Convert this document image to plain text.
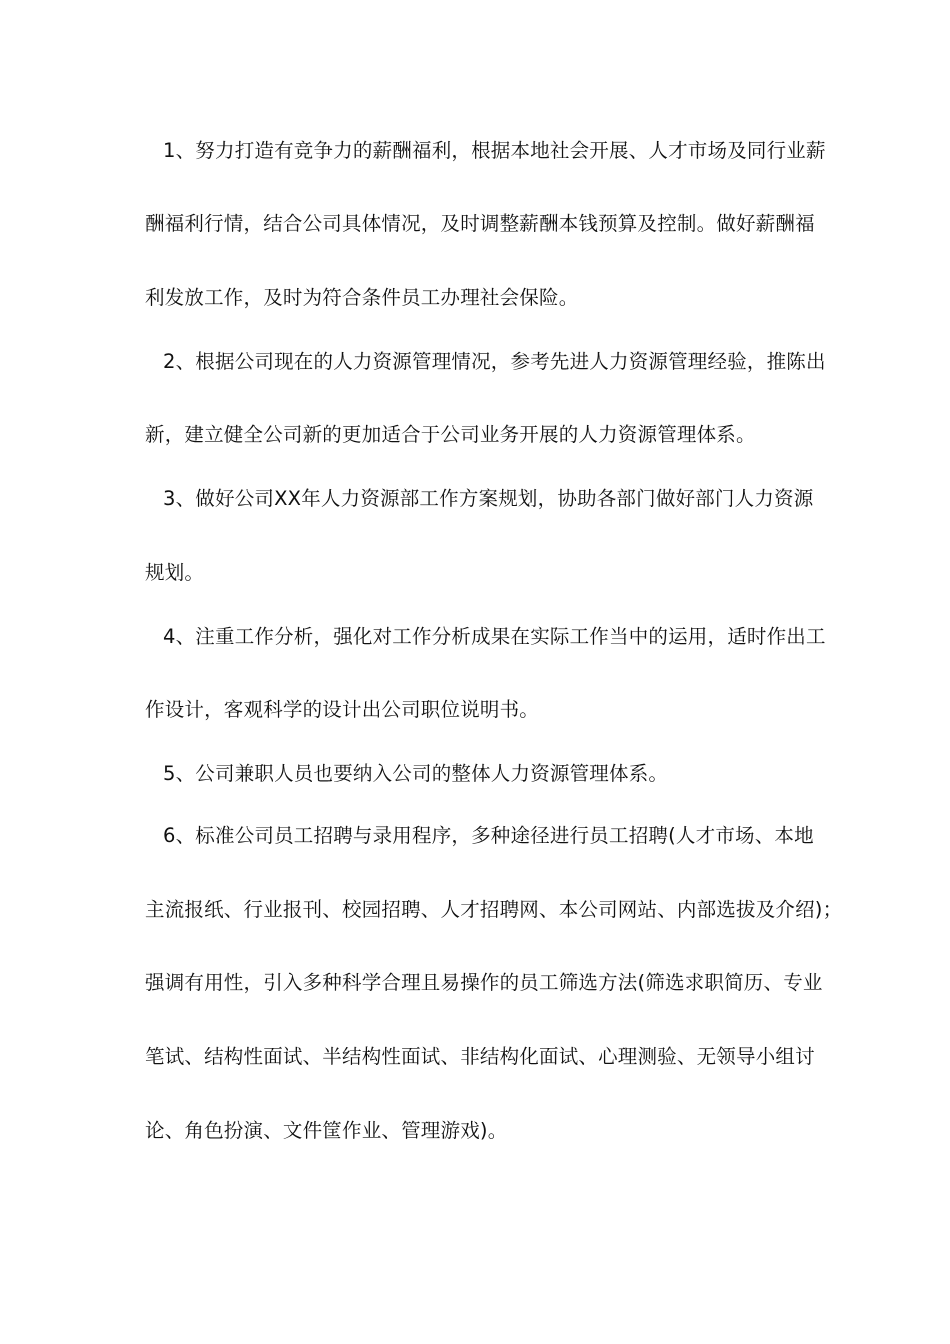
1、努力打造有竞争力的薪酬福利，根据本地社会开展、人才市场及同行业薪
酬福利行情，结合公司具体情况，及时调整薪酬本钱预算及控制。做好薪酬福
利发放工作，及时为符合条件员工办理社会保险。
2、根据公司现在的人力资源管理情况，参考先进人力资源管理经验，推陈出
新，建立健全公司新的更加适合于公司业务开展的人力资源管理体系。
3、做好公司XX年人力资源部工作方案规划，协助各部门做好部门人力资源
规划。
4、注重工作分析，强化对工作分析成果在实际工作当中的运用，适时作出工
作设计，客观科学的设计出公司职位说明书。
5、公司兼职人员也要纳入公司的整体人力资源管理体系。
6、标准公司员工招聘与录用程序，多种途径进行员工招聘(人才市场、本地
主流报纸、行业报刊、校园招聘、人才招聘网、本公司网站、内部选拔及介绍)；
强调有用性，引入多种科学合理且易操作的员工筛选方法(筛选求职简历、专业
笔试、结构性面试、半结构性面试、非结构化面试、心理测验、无领导小组讨
论、角色扮演、文件筐作业、管理游戏)。
